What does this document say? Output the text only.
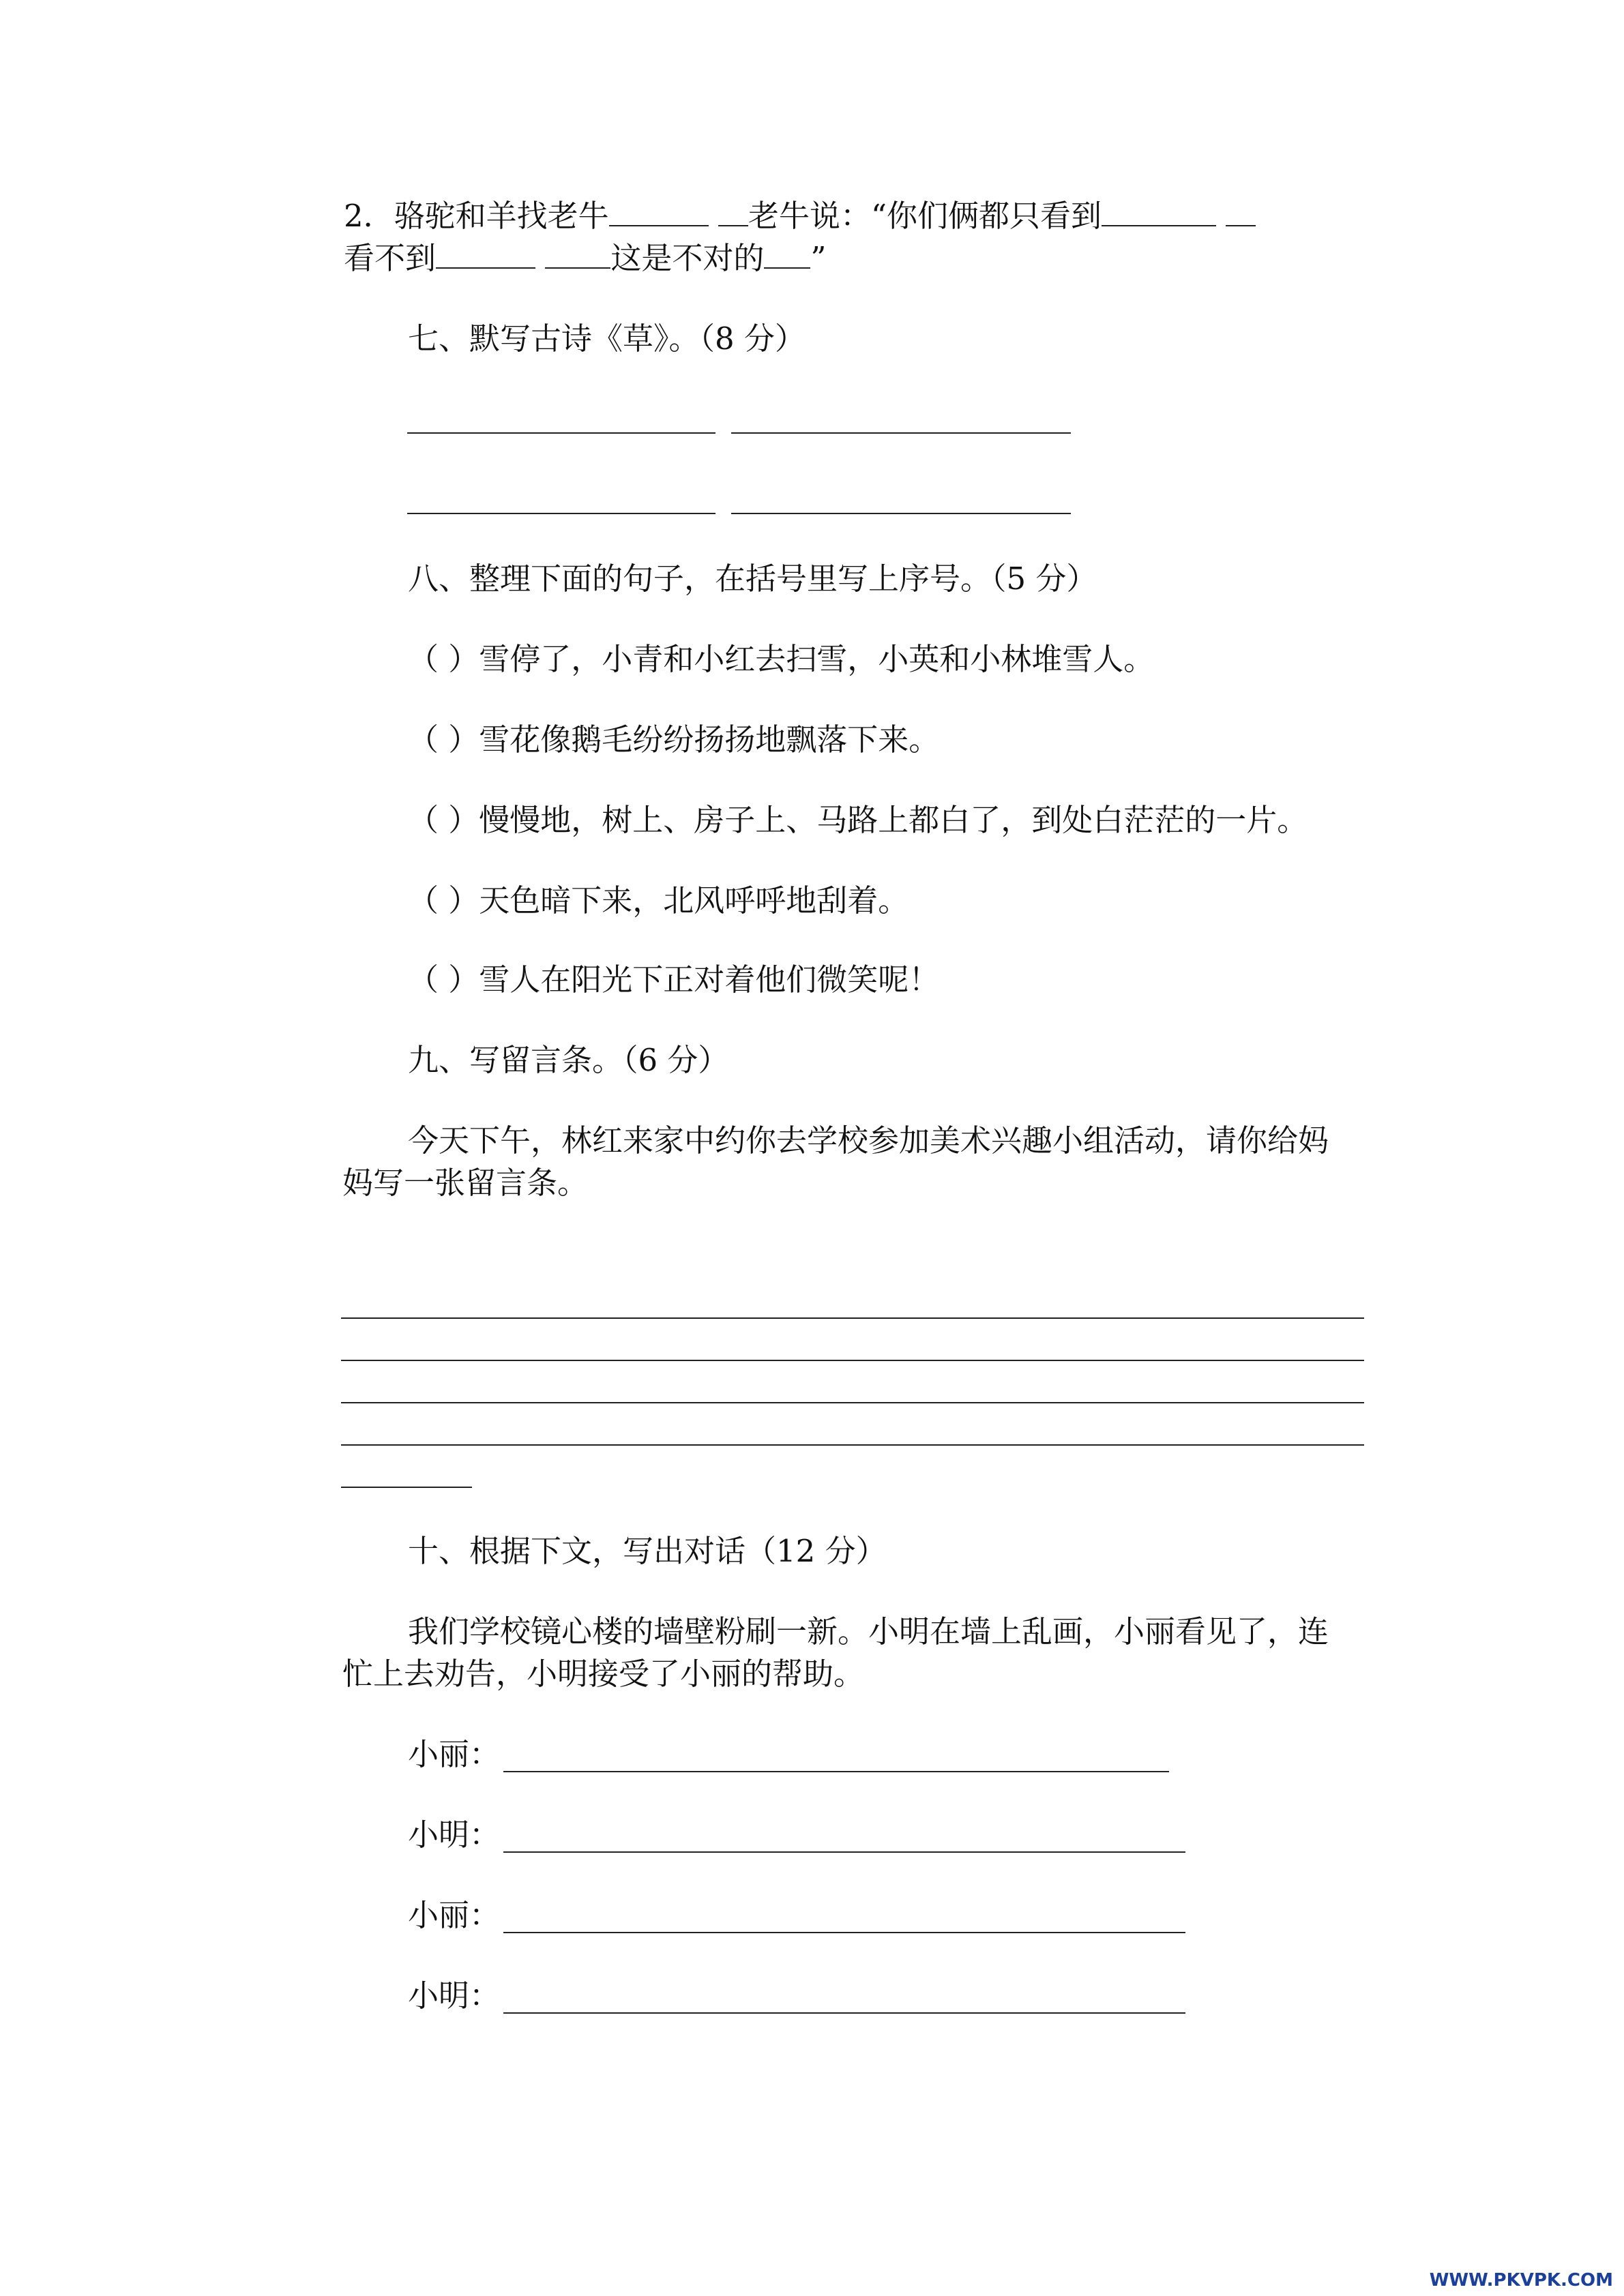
2．骆驼和羊找老牛	老牛说：“你们俩都只看到
看不到	这是不对的 ”
七、默写古诗《草》。（8 分）
八、整理下面的句子，在括号里写上序号。（5 分）
（ ）雪停了，小青和小红去扫雪，小英和小林堆雪人。
（ ）雪花像鹅毛纷纷扬扬地飘落下来。
（ ）慢慢地，树上、房子上、马路上都白了，到处白茫茫的一片。
（ ）天色暗下来，北风呼呼地刮着。
（ ）雪人在阳光下正对着他们微笑呢！
九、写留言条。（6 分）
今天下午，林红来家中约你去学校参加美术兴趣小组活动，请你给妈
妈写一张留言条。
十、根据下文，写出对话（12 分）
我们学校镜心楼的墙壁粉刷一新。小明在墙上乱画，小丽看见了，连
忙上去劝告，小明接受了小丽的帮助。
小丽：
小明：
小丽：
小明：
WWW.PKVPK.COM
